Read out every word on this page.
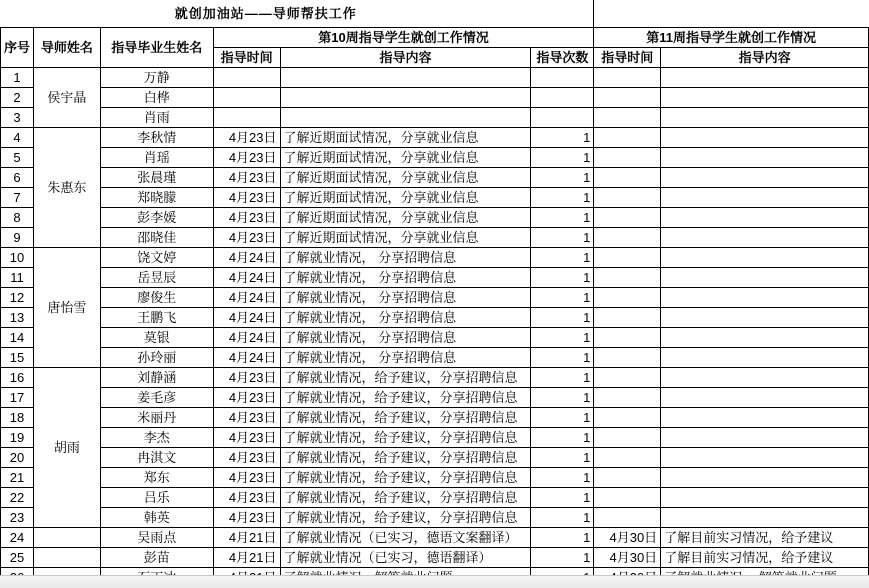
就创加油站——导师帮扶工作							
序号	导师姓名	指导毕业生姓名	第10周指导学生就创工作情况			第11周指导学生就创工作情况	
			指导时间	指导内容	指导次数	指导时间	指导内容
1	侯宇晶	万静					
2		白桦					
3		肖雨					
4	朱惠东	李秋情	4月23日	了解近期面试情况，分享就业信息	1		
5		肖瑶	4月23日	了解近期面试情况，分享就业信息	1		
6		张晨瑾	4月23日	了解近期面试情况，分享就业信息	1		
7		郑晓朦	4月23日	了解近期面试情况，分享就业信息	1		
8		彭李媛	4月23日	了解近期面试情况，分享就业信息	1		
9		邵晓佳	4月23日	了解近期面试情况，分享就业信息	1		
10	唐怡雪	饶文婷	4月24日	了解就业情况， 分享招聘信息	1		
11		岳昱辰	4月24日	了解就业情况， 分享招聘信息	1		
12		廖俊生	4月24日	了解就业情况， 分享招聘信息	1		
13		王鹏飞	4月24日	了解就业情况， 分享招聘信息	1		
14		莫银	4月24日	了解就业情况， 分享招聘信息	1		
15		孙玲丽	4月24日	了解就业情况， 分享招聘信息	1		
16	胡雨	刘静涵	4月23日	了解就业情况，给予建议，分享招聘信息	1		
17		姜毛彦	4月23日	了解就业情况，给予建议，分享招聘信息	1		
18		米丽丹	4月23日	了解就业情况，给予建议，分享招聘信息	1		
19		李杰	4月23日	了解就业情况，给予建议，分享招聘信息	1		
20		冉淇文	4月23日	了解就业情况，给予建议，分享招聘信息	1		
21		郑东	4月23日	了解就业情况，给予建议，分享招聘信息	1		
22		吕乐	4月23日	了解就业情况，给予建议，分享招聘信息	1		
23		韩英	4月23日	了解就业情况，给予建议，分享招聘信息	1		
24		吴雨点	4月21日	了解就业情况（已实习，德语文案翻译）	1	4月30日	了解目前实习情况，给予建议
25		彭苗	4月21日	了解就业情况（已实习，德语翻译）	1	4月30日	了解目前实习情况，给予建议
